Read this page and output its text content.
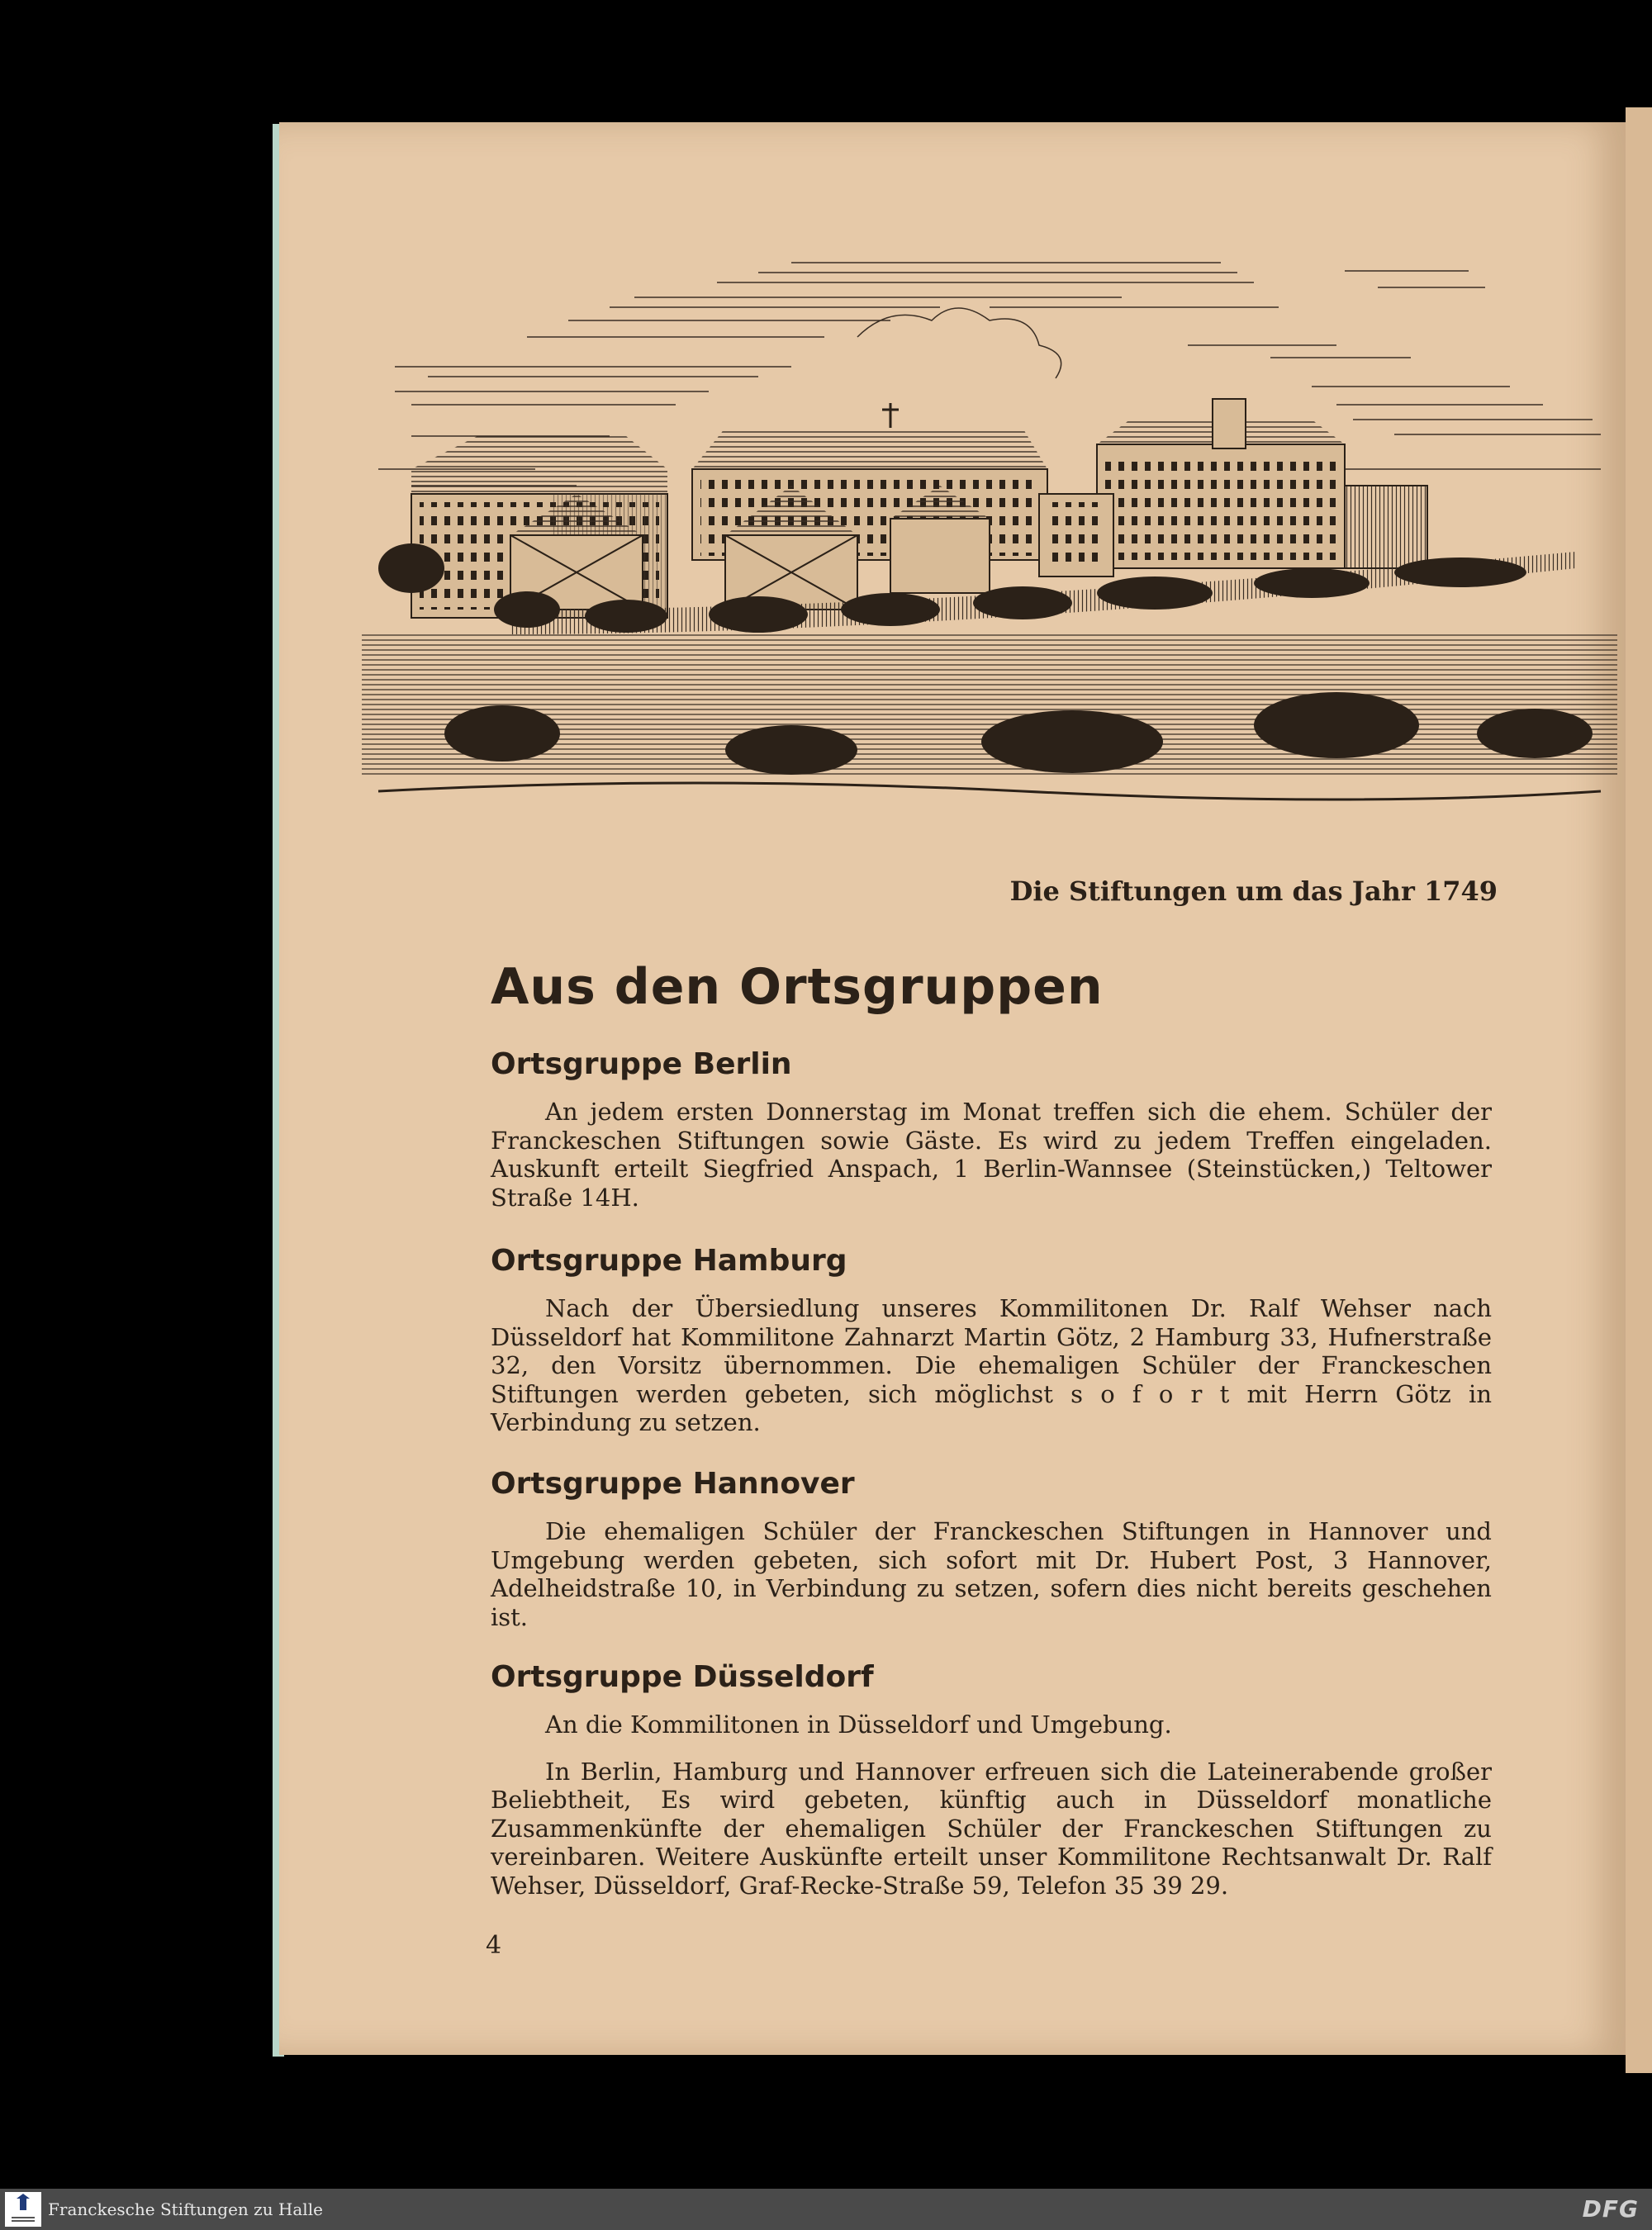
Die Stiftungen um das Jahr 1749
Aus den Ortsgruppen
Ortsgruppe Berlin

An jedem ersten Donnerstag im Monat treffen sich die ehem. Schüler der Franckeschen Stiftungen sowie Gäste. Es wird zu jedem Treffen eingeladen. Auskunft erteilt Siegfried Anspach, 1 Berlin-Wannsee (Steinstücken,) Teltower Straße 14H.

Ortsgruppe Hamburg

Nach der Übersiedlung unseres Kommilitonen Dr. Ralf Wehser nach Düsseldorf hat Kommilitone Zahnarzt Martin Götz, 2 Hamburg 33, Hufnerstraße 32, den Vorsitz übernommen. Die ehemaligen Schüler der Franckeschen Stiftungen werden gebeten, sich möglichst s o f o r t mit Herrn Götz in Verbindung zu setzen.

Ortsgruppe Hannover

Die ehemaligen Schüler der Franckeschen Stiftungen in Hannover und Umgebung werden gebeten, sich sofort mit Dr. Hubert Post, 3 Hannover, Adelheidstraße 10, in Verbindung zu setzen, sofern dies nicht bereits geschehen ist.

Ortsgruppe Düsseldorf

An die Kommilitonen in Düsseldorf und Umgebung.

In Berlin, Hamburg und Hannover erfreuen sich die Lateinerabende großer Beliebtheit, Es wird gebeten, künftig auch in Düsseldorf monatliche Zusammenkünfte der ehemaligen Schüler der Franckeschen Stiftungen zu vereinbaren. Weitere Auskünfte erteilt unser Kommilitone Rechtsanwalt Dr. Ralf Wehser, Düsseldorf, Graf-Recke-Straße 59, Telefon 35 39 29.

4
Franckesche Stiftungen zu Halle	DFG
